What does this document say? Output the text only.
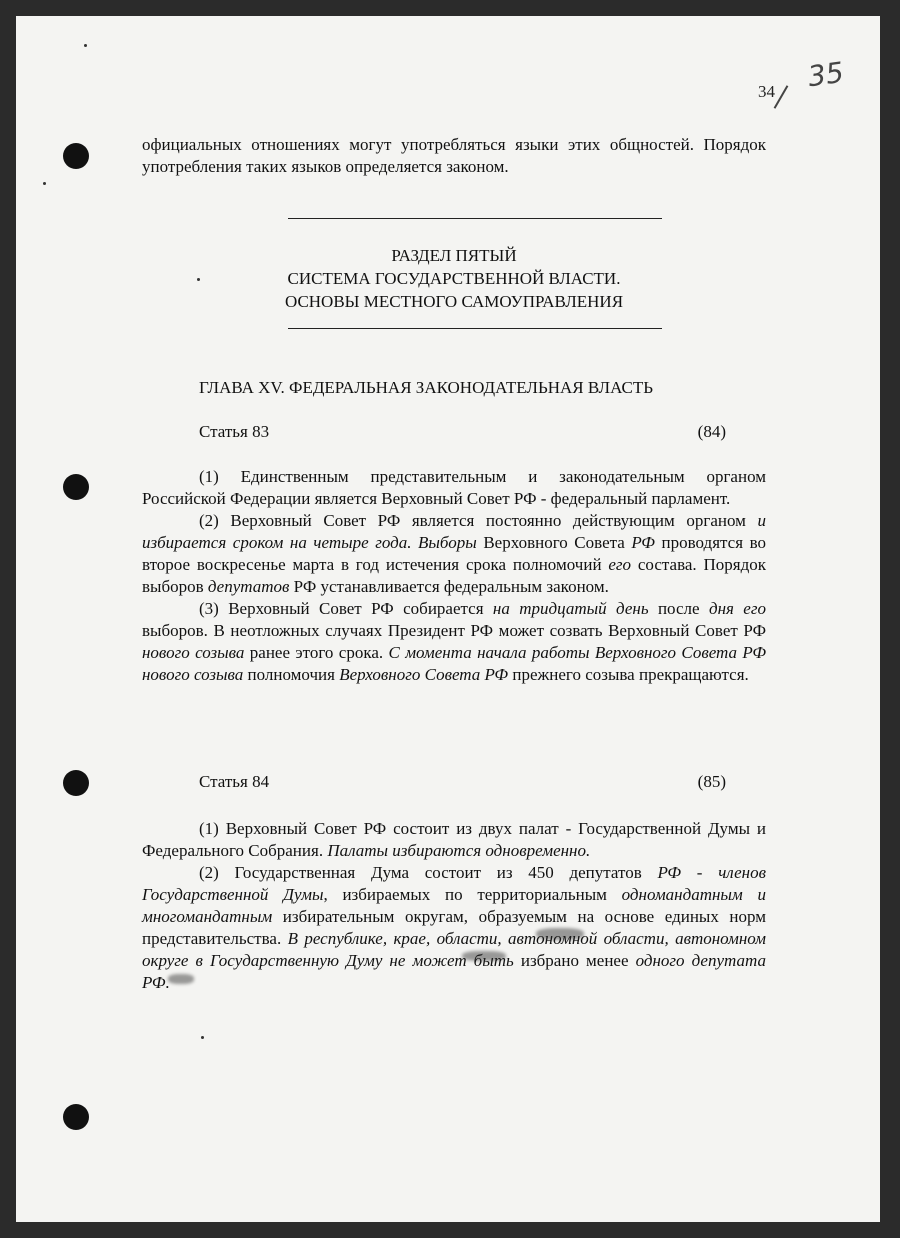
34 35

официальных отношениях могут употребляться языки этих общностей. Порядок употребления таких языков определяется законом.

РАЗДЕЛ ПЯТЫЙ
СИСТЕМА ГОСУДАРСТВЕННОЙ ВЛАСТИ.
ОСНОВЫ МЕСТНОГО САМОУПРАВЛЕНИЯ
ГЛАВА XV. ФЕДЕРАЛЬНАЯ ЗАКОНОДАТЕЛЬНАЯ ВЛАСТЬ
Статья 83	(84)

(1) Единственным представительным и законодательным органом Российской Федерации является Верховный Совет РФ - федеральный парламент.

(2) Верховный Совет РФ является постоянно действующим органом и избирается сроком на четыре года. Выборы Верховного Совета РФ проводятся во второе воскресенье марта в год истечения срока полномочий его состава. Порядок выборов депутатов РФ устанавливается федеральным законом.

(3) Верховный Совет РФ собирается на тридцатый день после дня его выборов. В неотложных случаях Президент РФ может созвать Верховный Совет РФ нового созыва ранее этого срока. С момента начала работы Верховного Совета РФ нового созыва полномочия Верховного Совета РФ прежнего созыва прекращаются.

Статья 84	(85)

(1) Верховный Совет РФ состоит из двух палат - Государственной Думы и Федерального Собрания. Палаты избираются одновременно.

(2) Государственная Дума состоит из 450 депутатов РФ - членов Государственной Думы, избираемых по территориальным одномандатным и многомандатным избирательным округам, образуемым на основе единых норм представительства. В республике, крае, области, автономной области, автономном округе в Государственную Думу не может быть избрано менее одного депутата РФ.
